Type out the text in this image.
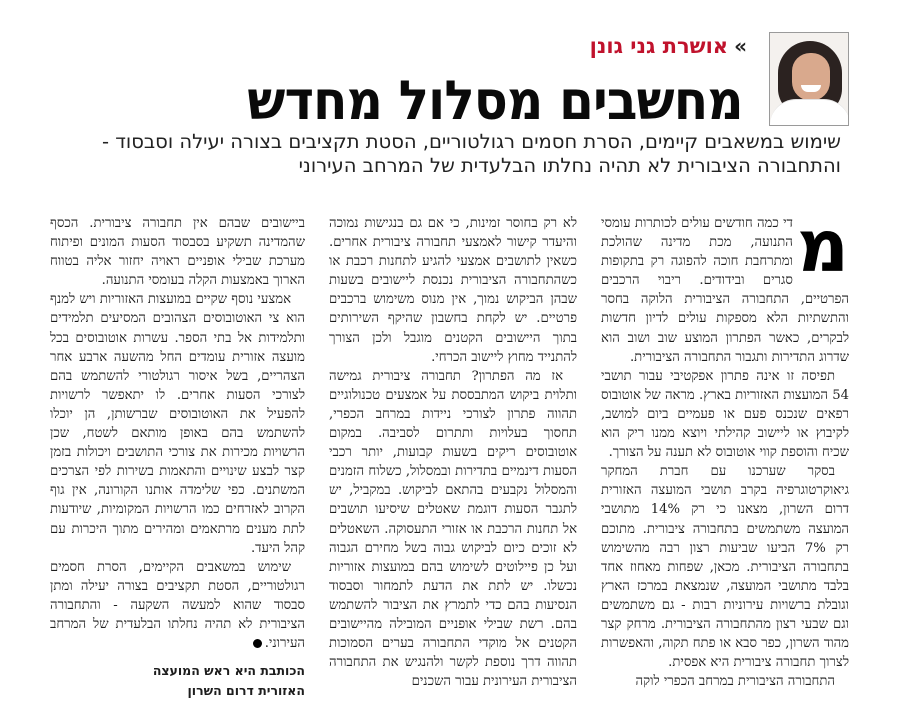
»אושרת גני גונן
מחשבים מסלול מחדש
שימוש במשאבים קיימים, הסרת חסמים רגולטוריים, הסטת תקציבים בצורה יעילה וסבסוד - והתחבורה הציבורית לא תהיה נחלתו הבלעדית של המרחב העירוני
מ

די כמה חודשים עולים לכותרות עומסי התנועה, מכת מדינה שהולכת ומתרחבת חוכה להפוגה רק בתקופות סגרים ובידודים. ריבוי הרכבים הפרטיים, התחבורה הציבורית הלוקה בחסר והתשתיות הלא מספקות עולים לדיון חדשות לבקרים, כאשר הפתרון המוצע שוב ושוב הוא שדרוג התדירות ותגבור התחבורה הציבורית.

תפיסה זו אינה פתרון אפקטיבי עבור תושבי 54 המועצות האזוריות בארץ. מראה של אוטובוס רפאים שנכנס פעם או פעמיים ביום למושב, לקיבוץ או ליישוב קהילתי ויוצא ממנו ריק הוא שכיח והוספת קווי אוטובוס לא תענה על הצורך.

בסקר שערכנו עם חברת המחקר גיאוקרטוגרפיה בקרב תושבי המועצה האזורית דרום השרון, מצאנו כי רק 14% מתושבי המועצה משתמשים בתחבורה ציבורית. מתוכם רק 7% הביעו שביעות רצון רבה מהשימוש בתחבורה הציבורית. מכאן, שפחות מאחוז אחד בלבד מתושבי המועצה, שנמצאת במרכז הארץ וגובלת ברשויות עירוניות רבות - גם משתמשים וגם שבעי רצון מהתחבורה הציבורית. מרחק קצר מהוד השרון, כפר סבא או פתח תקוה, והאפשרות לצרוך תחבורה ציבורית היא אפסית.

התחבורה הציבורית במרחב הכפרי לוקה

לא רק בחוסר זמינות, כי אם גם בנגישות נמוכה והיעדר קישור לאמצעי תחבורה ציבורית אחרים. כשאין לתושבים אמצעי להגיע לתחנות רכבת או כשהתחבורה הציבורית נכנסת ליישובים בשעות שבהן הביקוש נמוך, אין מנוס משימוש ברכבים פרטיים. יש לקחת בחשבון שהיקף השירותים בתוך היישובים הקטנים מוגבל ולכן הצורך להתנייד מחוץ ליישוב הכרחי.

אז מה הפתרון? תחבורה ציבורית גמישה ותלוית ביקוש המתבססת על אמצעים טכנולוגיים תהווה פתרון לצורכי ניידות במרחב הכפרי, תחסוך בעלויות ותתרום לסביבה. במקום אוטובוסים ריקים בשעות קבועות, יותר רכבי הסעות דינמיים בתדירות ובמסלול, כשלוח הזמנים והמסלול נקבעים בהתאם לביקוש. במקביל, יש לתגבר הסעות דוגמת שאטלים שיסיעו תושבים אל תחנות הרכבת או אזורי התעסוקה. השאטלים לא זוכים כיום לביקוש גבוה בשל מחירם הגבוה ועל כן פיילוטים לשימוש בהם במועצות אזוריות נכשלו. יש לתת את הדעת לתמחור וסבסוד הנסיעות בהם כדי לתמרץ את הציבור להשתמש בהם. רשת שבילי אופניים המובילה מהיישובים הקטנים אל מוקדי התחבורה בערים הסמוכות תהווה דרך נוספת לקשר ולהנגיש את התחבורה הציבורית העירונית עבור השכנים

ביישובים שבהם אין תחבורה ציבורית. הכסף שהמדינה תשקיע בסבסוד הסעות המונים ופיתוח מערכת שבילי אופניים ראויה יחזור אליה בטווח הארוך באמצעות הקלה בעומסי התנועה.

אמצעי נוסף שקיים במועצות האזוריות ויש למנף הוא צי האוטובוסים הצהובים המסיעים תלמידים ותלמידות אל בתי הספר. עשרות אוטובוסים בכל מועצה אזורית עומדים החל מהשעה ארבע אחר הצהריים, בשל איסור רגולטורי להשתמש בהם לצורכי הסעות אחרים. לו יתאפשר לרשויות להפעיל את האוטובוסים שברשותן, הן יוכלו להשתמש בהם באופן מותאם לשטח, שכן הרשויות מכירות את צורכי התושבים ויכולות בזמן קצר לבצע שינויים והתאמות בשירות לפי הצרכים המשתנים. כפי שלימדה אותנו הקורונה, אין גוף הקרוב לאזרחים כמו הרשויות המקומיות, שיודעות לתת מענים מרתאמים ומהירים מתוך היכרות עם קהל היעד.

שימוש במשאבים הקיימים, הסרת חסמים רגולטוריים, הסטת תקציבים בצורה יעילה ומתן סבסוד שהוא למעשה השקעה - והתחבורה הציבורית לא תהיה נחלתו הבלעדית של המרחב העירוני.

הכותבת היא ראש המועצה
האזורית דרום השרון
